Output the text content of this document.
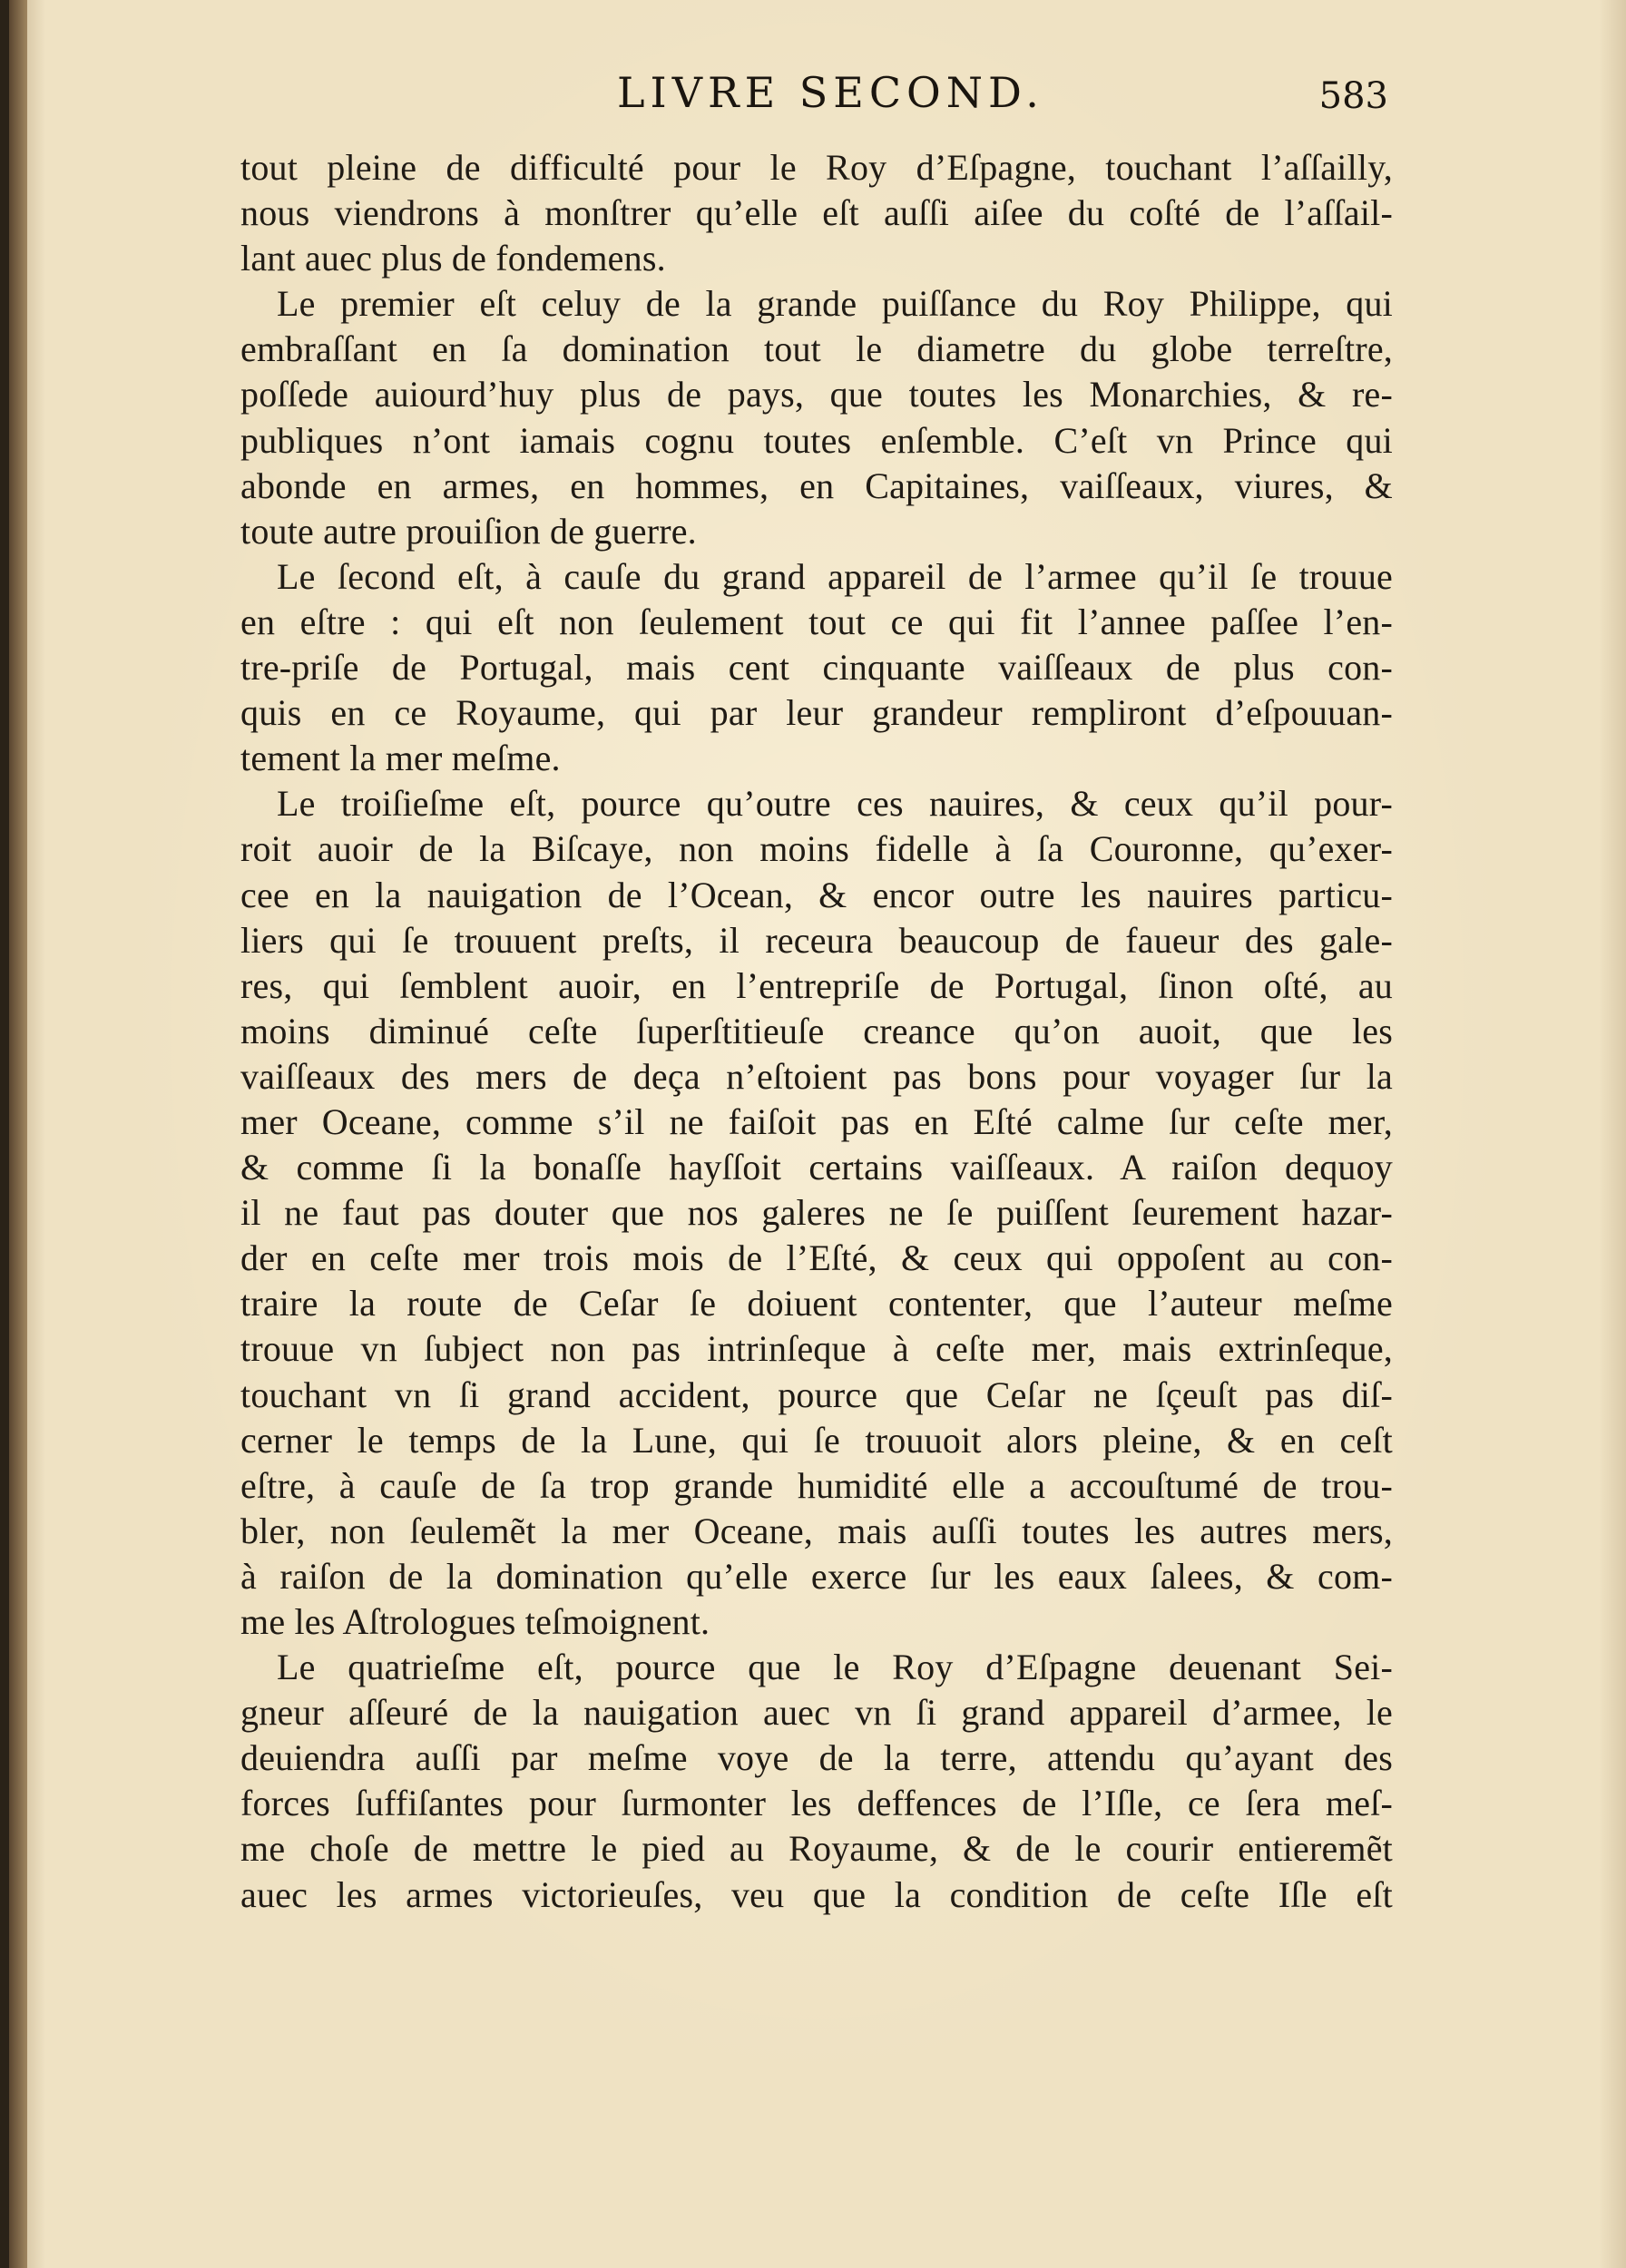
LIVRE SECOND.	583
tout pleine de difficulté pour le Roy d’Eſpagne, touchant l’aſſailly,
nous viendrons à monſtrer qu’elle eſt auſſi aiſee du coſté de l’aſſail-
lant auec plus de fondemens.
Le premier eſt celuy de la grande puiſſance du Roy Philippe, qui
embraſſant en ſa domination tout le diametre du globe terreſtre,
poſſede auiourd’huy plus de pays, que toutes les Monarchies, & re-
publiques n’ont iamais cognu toutes enſemble. C’eſt vn Prince qui
abonde en armes, en hommes, en Capitaines, vaiſſeaux, viures, &
toute autre prouiſion de guerre.
Le ſecond eſt, à cauſe du grand appareil de l’armee qu’il ſe trouue
en eſtre : qui eſt non ſeulement tout ce qui fit l’annee paſſee l’en-
tre-priſe de Portugal, mais cent cinquante vaiſſeaux de plus con-
quis en ce Royaume, qui par leur grandeur rempliront d’eſpouuan-
tement la mer meſme.
Le troiſieſme eſt, pource qu’outre ces nauires, & ceux qu’il pour-
roit auoir de la Biſcaye, non moins fidelle à ſa Couronne, qu’exer-
cee en la nauigation de l’Ocean, & encor outre les nauires particu-
liers qui ſe trouuent preſts, il receura beaucoup de faueur des gale-
res, qui ſemblent auoir, en l’entrepriſe de Portugal, ſinon oſté, au
moins diminué ceſte ſuperſtitieuſe creance qu’on auoit, que les
vaiſſeaux des mers de deça n’eſtoient pas bons pour voyager ſur la
mer Oceane, comme s’il ne faiſoit pas en Eſté calme ſur ceſte mer,
& comme ſi la bonaſſe hayſſoit certains vaiſſeaux. A raiſon dequoy
il ne faut pas douter que nos galeres ne ſe puiſſent ſeurement hazar-
der en ceſte mer trois mois de l’Eſté, & ceux qui oppoſent au con-
traire la route de Ceſar ſe doiuent contenter, que l’auteur meſme
trouue vn ſubject non pas intrinſeque à ceſte mer, mais extrinſeque,
touchant vn ſi grand accident, pource que Ceſar ne ſçeuſt pas diſ-
cerner le temps de la Lune, qui ſe trouuoit alors pleine, & en ceſt
eſtre, à cauſe de ſa trop grande humidité elle a accouſtumé de trou-
bler, non ſeulemẽt la mer Oceane, mais auſſi toutes les autres mers,
à raiſon de la domination qu’elle exerce ſur les eaux ſalees, & com-
me les Aſtrologues teſmoignent.
Le quatrieſme eſt, pource que le Roy d’Eſpagne deuenant Sei-
gneur aſſeuré de la nauigation auec vn ſi grand appareil d’armee, le
deuiendra auſſi par meſme voye de la terre, attendu qu’ayant des
forces ſuffiſantes pour ſurmonter les deffences de l’Iſle, ce ſera meſ-
me choſe de mettre le pied au Royaume, & de le courir entieremẽt
auec les armes victorieuſes, veu que la condition de ceſte Iſle eſt
